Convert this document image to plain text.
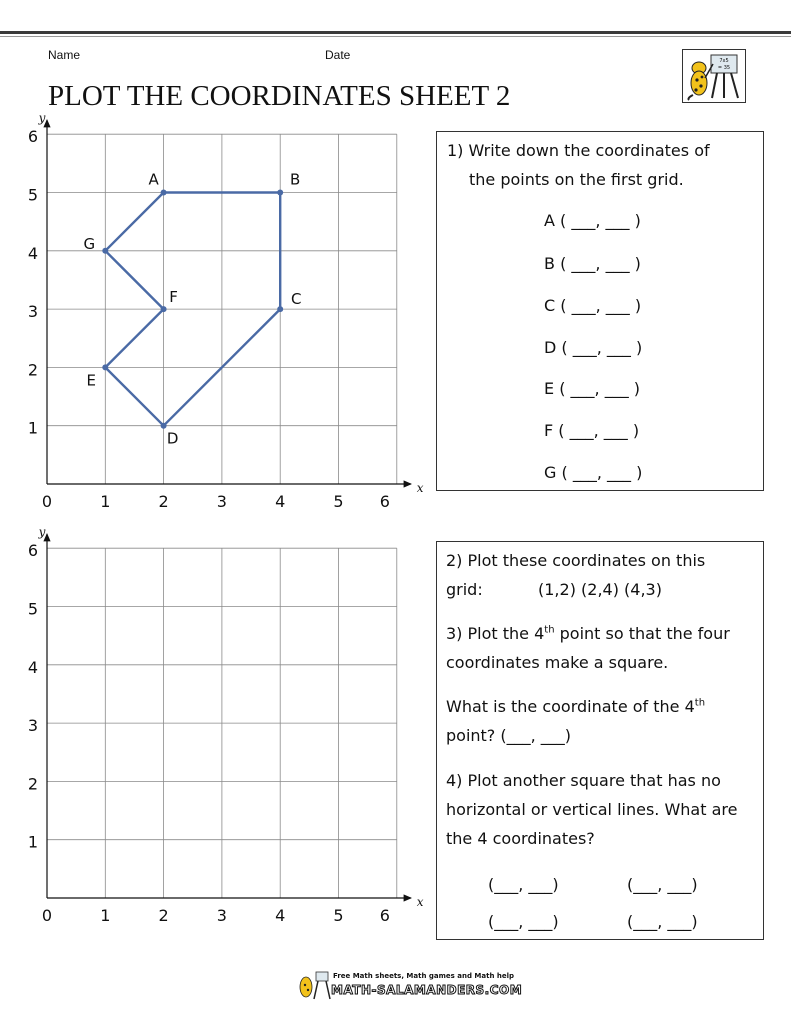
Name	Date
PLOT THE COORDINATES SHEET 2
7x5
= 35
x
y
0	1	2	3	4	5 6
1
2
3
4
5
6
A	B
C
D
E
F
G
x
y
0	1	2	3	4	5 6
1
2
3
4
5
6
1) Write down the coordinates of
the points on the first grid.
A ( ___, ___ )
B ( ___, ___ )
C ( ___, ___ )
D ( ___, ___ )
E ( ___, ___ )
F ( ___, ___ )
G ( ___, ___ )
2) Plot these coordinates on this
grid:	(1,2) (2,4) (4,3)
3) Plot the 4th point so that the four
coordinates make a square.
What is the coordinate of the 4th
point? (___, ___)
4) Plot another square that has no
horizontal or vertical lines. What are
the 4 coordinates?
(___, ___)	(___, ___)
(___, ___)	(___, ___)
Free Math sheets, Math games and Math help
MATH-SALAMANDERS.COM
